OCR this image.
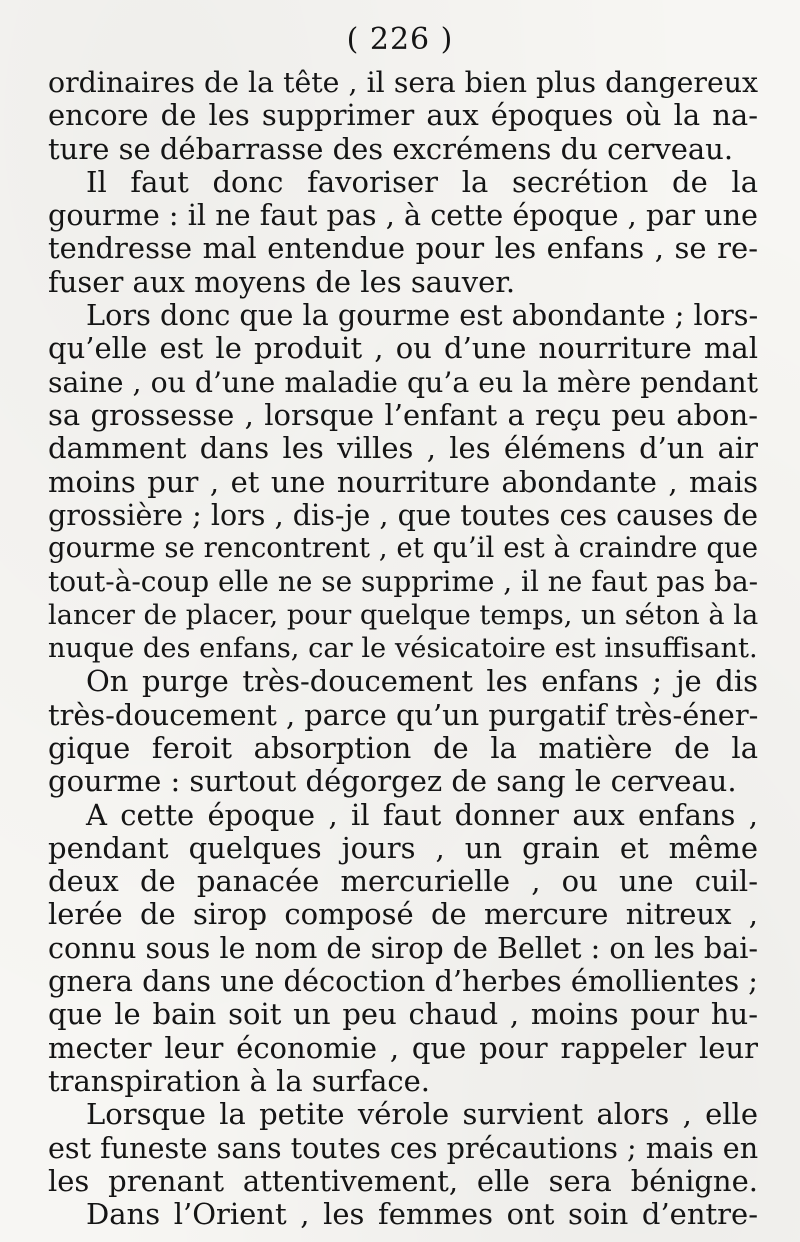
( 226 )
ordinaires de la tête , il sera bien plus dangereux
encore de les supprimer aux époques où la na-
ture se débarrasse des excrémens du cerveau.
Il faut donc favoriser la secrétion de la
gourme : il ne faut pas , à cette époque , par une
tendresse mal entendue pour les enfans , se re-
fuser aux moyens de les sauver.
Lors donc que la gourme est abondante ; lors-
qu’elle est le produit , ou d’une nourriture mal
saine , ou d’une maladie qu’a eu la mère pendant
sa grossesse , lorsque l’enfant a reçu peu abon-
damment dans les villes , les élémens d’un air
moins pur , et une nourriture abondante , mais
grossière ; lors , dis-je , que toutes ces causes de
gourme se rencontrent , et qu’il est à craindre que
tout-à-coup elle ne se supprime , il ne faut pas ba-
lancer de placer, pour quelque temps, un séton à la
nuque des enfans, car le vésicatoire est insuffisant.
On purge très-doucement les enfans ; je dis
très-doucement , parce qu’un purgatif très-éner-
gique feroit absorption de la matière de la
gourme : surtout dégorgez de sang le cerveau.
A cette époque , il faut donner aux enfans ,
pendant quelques jours , un grain et même
deux de panacée mercurielle , ou une cuil-
lerée de sirop composé de mercure nitreux ,
connu sous le nom de sirop de Bellet : on les bai-
gnera dans une décoction d’herbes émollientes ;
que le bain soit un peu chaud , moins pour hu-
mecter leur économie , que pour rappeler leur
transpiration à la surface.
Lorsque la petite vérole survient alors , elle
est funeste sans toutes ces précautions ; mais en
les prenant attentivement, elle sera bénigne.
Dans l’Orient , les femmes ont soin d’entre-
